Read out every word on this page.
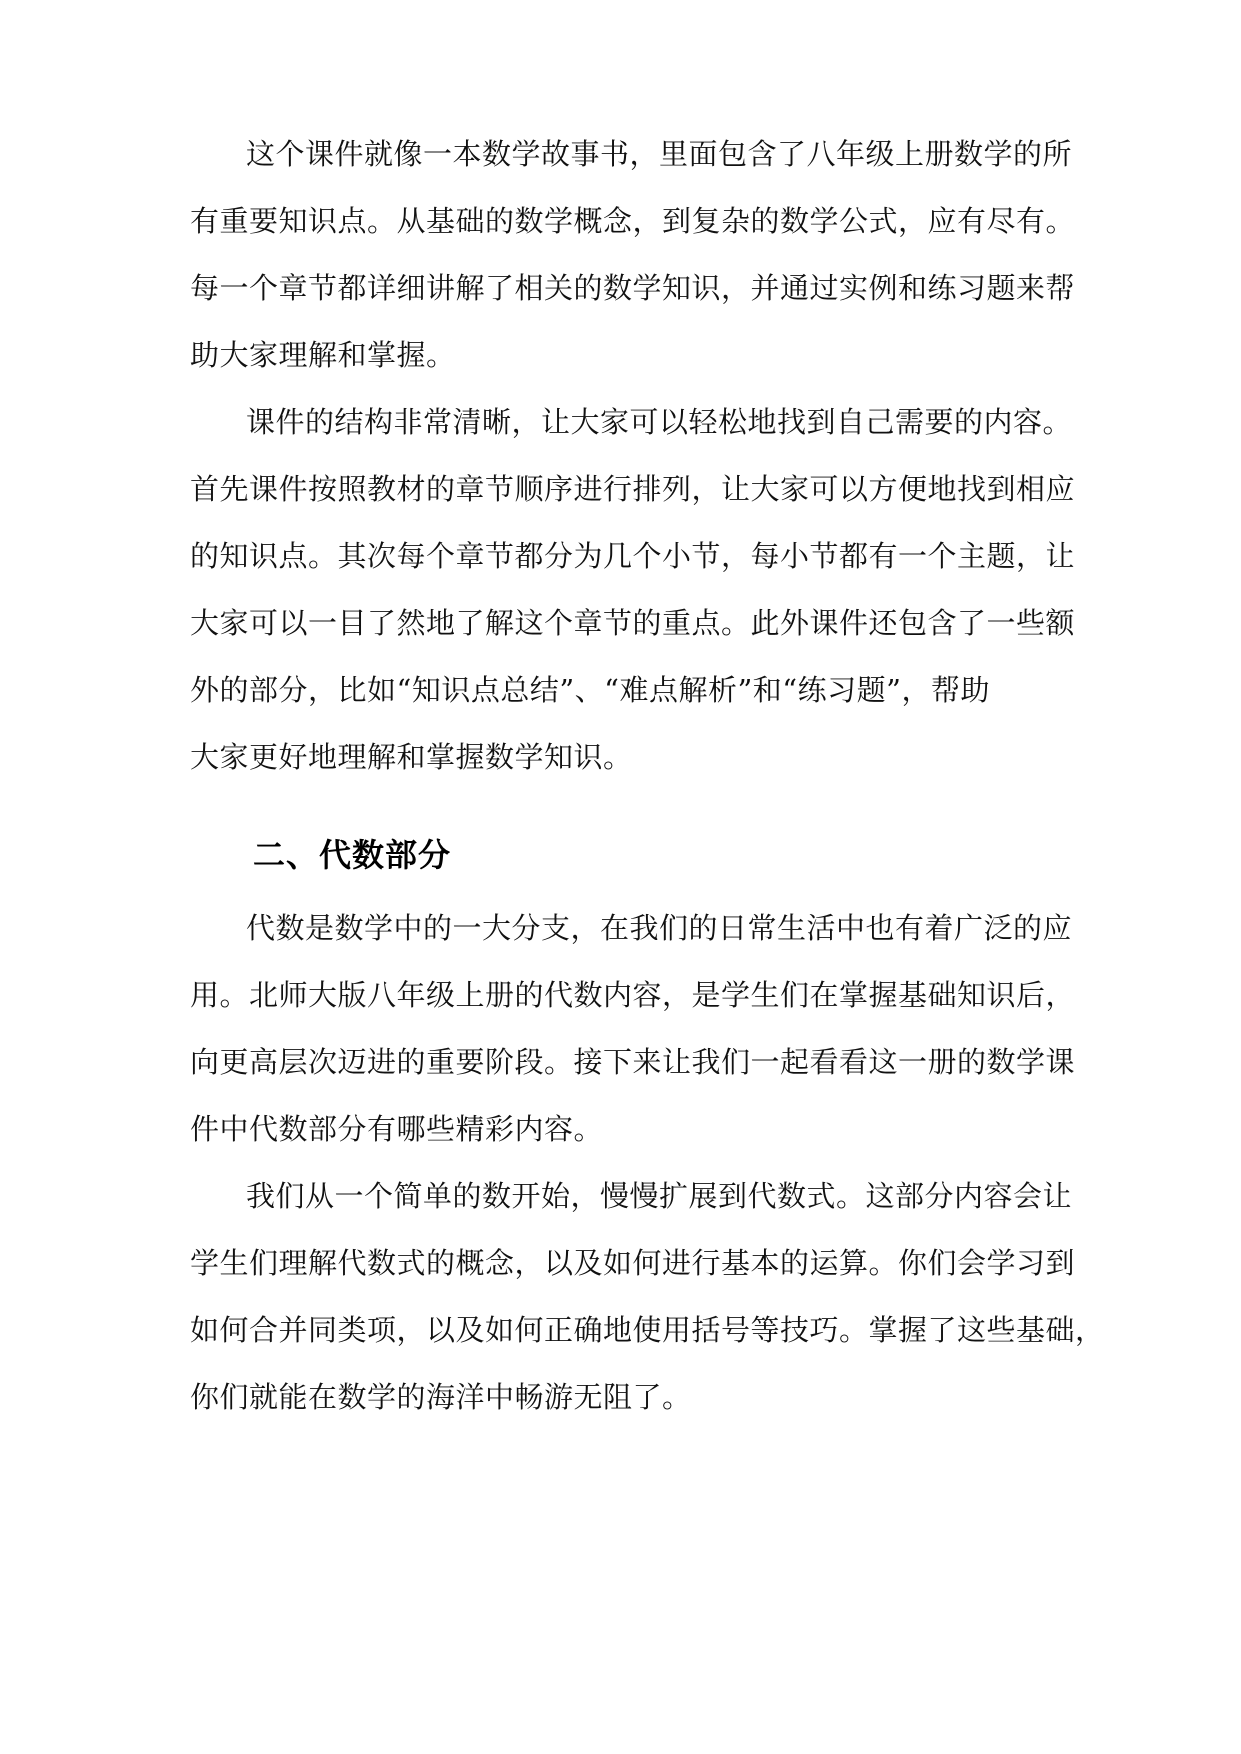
这个课件就像一本数学故事书，里面包含了八年级上册数学的所
有重要知识点。从基础的数学概念，到复杂的数学公式，应有尽有。
每一个章节都详细讲解了相关的数学知识，并通过实例和练习题来帮
助大家理解和掌握。
课件的结构非常清晰，让大家可以轻松地找到自己需要的内容。
首先课件按照教材的章节顺序进行排列，让大家可以方便地找到相应
的知识点。其次每个章节都分为几个小节，每小节都有一个主题，让
大家可以一目了然地了解这个章节的重点。此外课件还包含了一些额
外的部分，比如“知识点总结”、“难点解析”和“练习题”，帮助
大家更好地理解和掌握数学知识。
二、代数部分
代数是数学中的一大分支，在我们的日常生活中也有着广泛的应
用。北师大版八年级上册的代数内容，是学生们在掌握基础知识后，
向更高层次迈进的重要阶段。接下来让我们一起看看这一册的数学课
件中代数部分有哪些精彩内容。
我们从一个简单的数开始，慢慢扩展到代数式。这部分内容会让
学生们理解代数式的概念，以及如何进行基本的运算。你们会学习到
如何合并同类项，以及如何正确地使用括号等技巧。掌握了这些基础，
你们就能在数学的海洋中畅游无阻了。
